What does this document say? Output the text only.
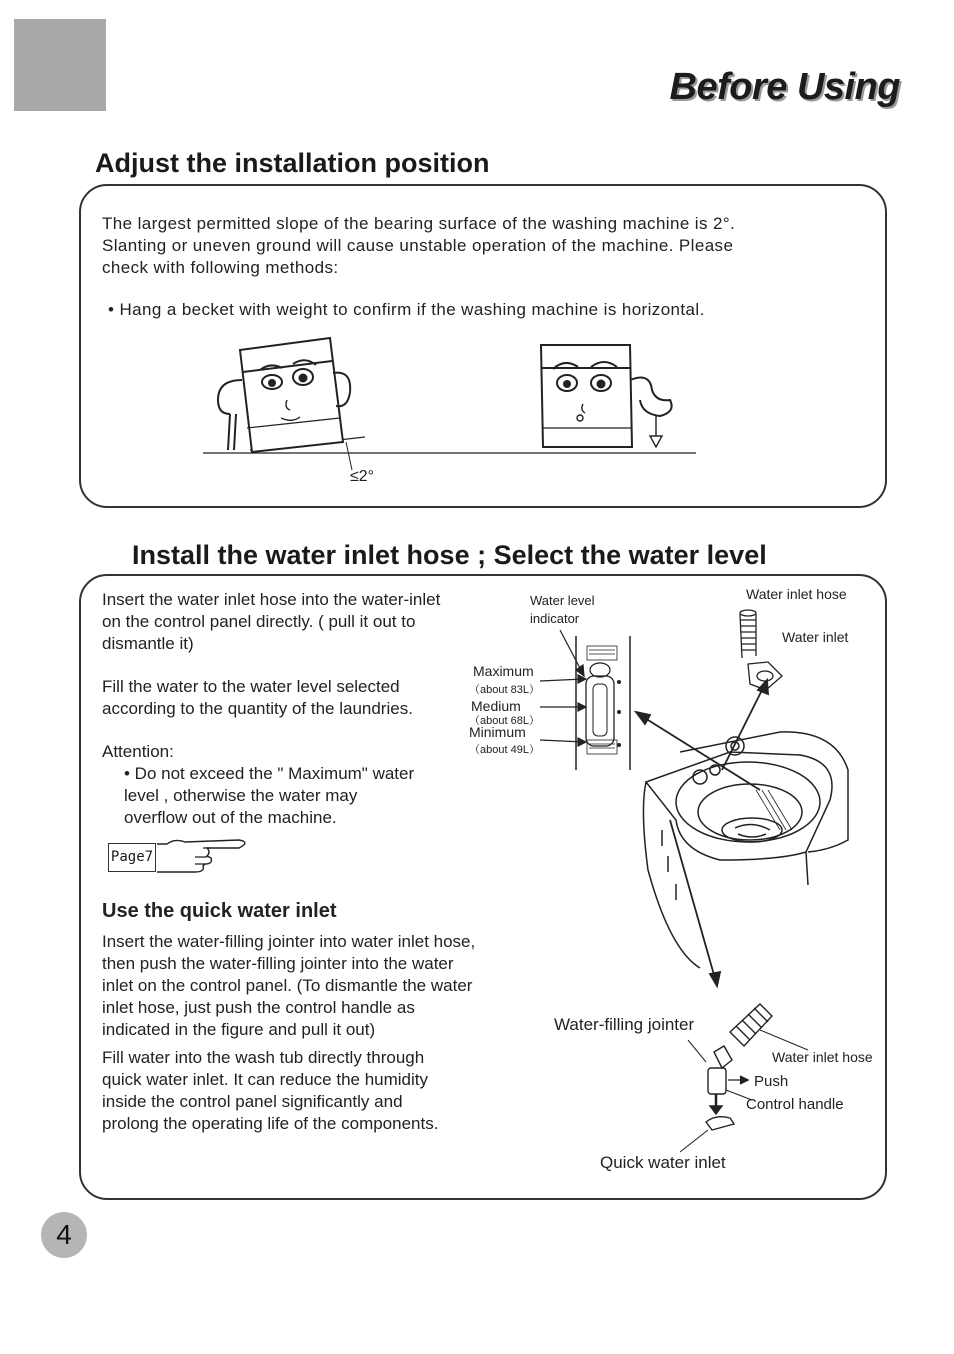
Before Using
Adjust the installation position
The largest permitted slope of the bearing surface of the washing machine is 2°.
Slanting or uneven ground will cause unstable operation of the machine. Please
check with following methods:
• Hang a becket with weight to confirm if the washing machine is horizontal.
≤2°
Install the water inlet hose ; Select the water level
Insert the water inlet hose into the water-inlet
on the control panel directly. ( pull it out to
dismantle it)
Fill the water to the water level selected
according to the quantity of the laundries.
Attention:
• Do not exceed the " Maximum" water
level , otherwise the water may
overflow out of the machine.
Page7
Use the quick water inlet
Insert the water-filling jointer into water inlet hose,
then push the water-filling jointer into the water
inlet on the control panel. (To dismantle the water
inlet hose, just push the control handle as
indicated in the figure and pull it out)
Fill water into the wash tub directly through
quick water inlet. It can reduce the humidity
inside the control panel significantly and
prolong the operating life of the components.
Water level
indicator
Maximum
（about 83L）
Medium
（about 68L）
Minimum
（about 49L）
Water inlet hose
Water inlet
Water-filling jointer
Water inlet hose
Push
Control handle
Quick water inlet
4
